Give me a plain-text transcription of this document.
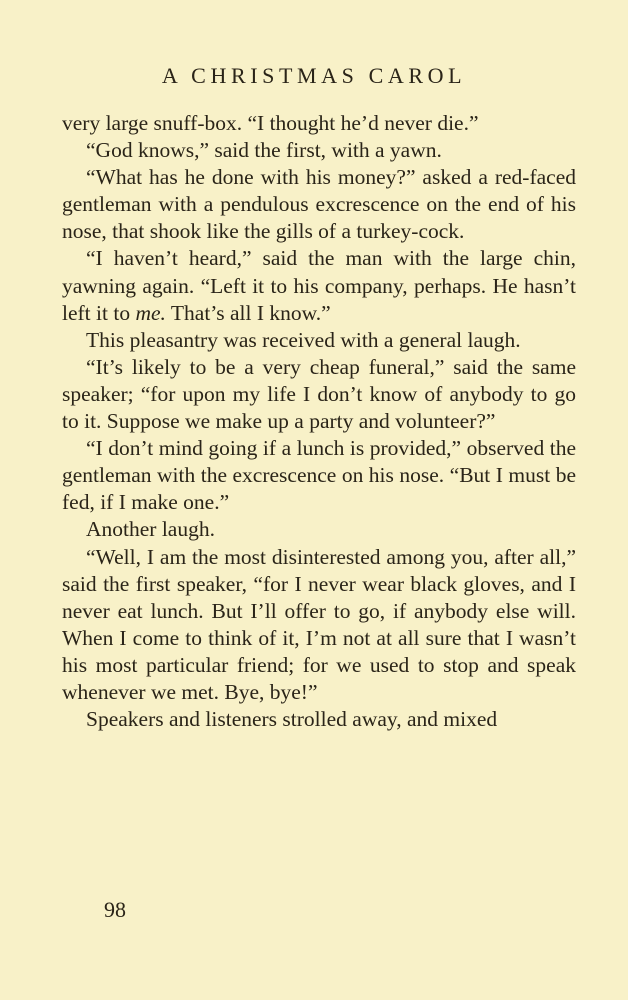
A CHRISTMAS CAROL

very large snuff-box. “I thought he’d never die.”

“God knows,” said the first, with a yawn.

“What has he done with his money?” asked a red-faced gentleman with a pendulous excrescence on the end of his nose, that shook like the gills of a turkey-cock.

“I haven’t heard,” said the man with the large chin, yawning again. “Left it to his company, perhaps. He hasn’t left it to me. That’s all I know.”

This pleasantry was received with a general laugh.

“It’s likely to be a very cheap funeral,” said the same speaker; “for upon my life I don’t know of anybody to go to it. Suppose we make up a party and volunteer?”

“I don’t mind going if a lunch is provided,” observed the gentleman with the excrescence on his nose. “But I must be fed, if I make one.”

Another laugh.

“Well, I am the most disinterested among you, after all,” said the first speaker, “for I never wear black gloves, and I never eat lunch. But I’ll offer to go, if anybody else will. When I come to think of it, I’m not at all sure that I wasn’t his most particular friend; for we used to stop and speak whenever we met. Bye, bye!”

Speakers and listeners strolled away, and mixed

98
